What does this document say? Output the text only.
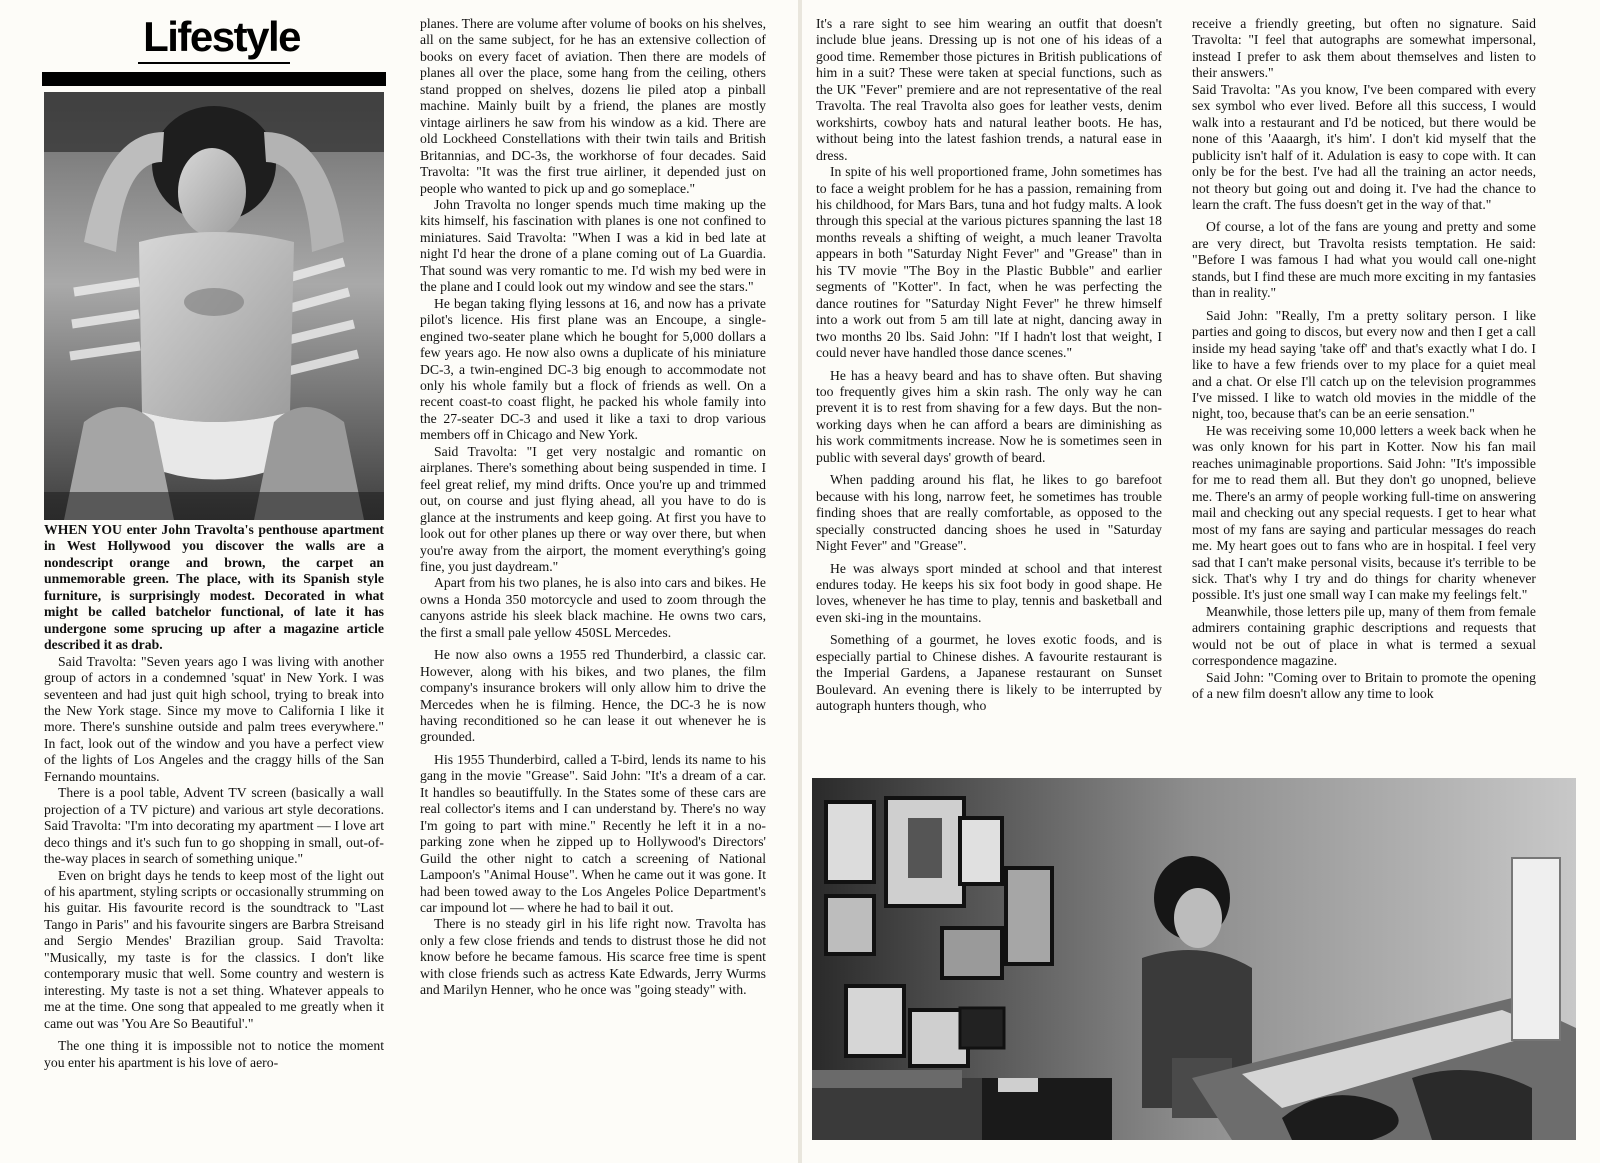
Lifestyle

WHEN YOU enter John Travolta's penthouse apartment in West Hollywood you discover the walls are a nondescript orange and brown, the carpet an unmemorable green. The place, with its Spanish style furniture, is surprisingly modest. Decorated in what might be called batchelor functional, of late it has undergone some sprucing up after a magazine article described it as drab.

Said Travolta: "Seven years ago I was living with another group of actors in a condemned 'squat' in New York. I was seventeen and had just quit high school, trying to break into the New York stage. Since my move to California I like it more. There's sunshine outside and palm trees everywhere." In fact, look out of the window and you have a perfect view of the lights of Los Angeles and the craggy hills of the San Fernando mountains.

There is a pool table, Advent TV screen (basically a wall projection of a TV picture) and various art style decorations. Said Travolta: "I'm into decorating my apartment — I love art deco things and it's such fun to go shopping in small, out-of-the-way places in search of something unique."

Even on bright days he tends to keep most of the light out of his apartment, styling scripts or occasionally strumming on his guitar. His favourite record is the soundtrack to "Last Tango in Paris" and his favourite singers are Barbra Streisand and Sergio Mendes' Brazilian group. Said Travolta: "Musically, my taste is for the classics. I don't like contemporary music that well. Some country and western is interesting. My taste is not a set thing. Whatever appeals to me at the time. One song that appealed to me greatly when it came out was 'You Are So Beautiful'."

The one thing it is impossible not to notice the moment you enter his apartment is his love of aero-

planes. There are volume after volume of books on his shelves, all on the same subject, for he has an extensive collection of books on every facet of aviation. Then there are models of planes all over the place, some hang from the ceiling, others stand propped on shelves, dozens lie piled atop a pinball machine. Mainly built by a friend, the planes are mostly vintage airliners he saw from his window as a kid. There are old Lockheed Constellations with their twin tails and British Britannias, and DC-3s, the workhorse of four decades. Said Travolta: "It was the first true airliner, it depended just on people who wanted to pick up and go someplace."

John Travolta no longer spends much time making up the kits himself, his fascination with planes is one not confined to miniatures. Said Travolta: "When I was a kid in bed late at night I'd hear the drone of a plane coming out of La Guardia. That sound was very romantic to me. I'd wish my bed were in the plane and I could look out my window and see the stars."

He began taking flying lessons at 16, and now has a private pilot's licence. His first plane was an Encoupe, a single-engined two-seater plane which he bought for 5,000 dollars a few years ago. He now also owns a duplicate of his miniature DC-3, a twin-engined DC-3 big enough to accommodate not only his whole family but a flock of friends as well. On a recent coast-to coast flight, he packed his whole family into the 27-seater DC-3 and used it like a taxi to drop various members off in Chicago and New York.

Said Travolta: "I get very nostalgic and romantic on airplanes. There's something about being suspended in time. I feel great relief, my mind drifts. Once you're up and trimmed out, on course and just flying ahead, all you have to do is glance at the instruments and keep going. At first you have to look out for other planes up there or way over there, but when you're away from the airport, the moment everything's going fine, you just daydream."

Apart from his two planes, he is also into cars and bikes. He owns a Honda 350 motorcycle and used to zoom through the canyons astride his sleek black machine. He owns two cars, the first a small pale yellow 450SL Mercedes.

He now also owns a 1955 red Thunderbird, a classic car. However, along with his bikes, and two planes, the film company's insurance brokers will only allow him to drive the Mercedes when he is filming. Hence, the DC-3 he is now having reconditioned so he can lease it out whenever he is grounded.

His 1955 Thunderbird, called a T-bird, lends its name to his gang in the movie "Grease". Said John: "It's a dream of a car. It handles so beautiffully. In the States some of these cars are real collector's items and I can understand by. There's no way I'm going to part with mine." Recently he left it in a no-parking zone when he zipped up to Hollywood's Directors' Guild the other night to catch a screening of National Lampoon's "Animal House". When he came out it was gone. It had been towed away to the Los Angeles Police Department's car impound lot — where he had to bail it out.

There is no steady girl in his life right now. Travolta has only a few close friends and tends to distrust those he did not know before he became famous. His scarce free time is spent with close friends such as actress Kate Edwards, Jerry Wurms and Marilyn Henner, who he once was "going steady" with.

It's a rare sight to see him wearing an outfit that doesn't include blue jeans. Dressing up is not one of his ideas of a good time. Remember those pictures in British publications of him in a suit? These were taken at special functions, such as the UK "Fever" premiere and are not representative of the real Travolta. The real Travolta also goes for leather vests, denim workshirts, cowboy hats and natural leather boots. He has, without being into the latest fashion trends, a natural ease in dress.

In spite of his well proportioned frame, John sometimes has to face a weight problem for he has a passion, remaining from his childhood, for Mars Bars, tuna and hot fudgy malts. A look through this special at the various pictures spanning the last 18 months reveals a shifting of weight, a much leaner Travolta appears in both "Saturday Night Fever" and "Grease" than in his TV movie "The Boy in the Plastic Bubble" and earlier segments of "Kotter". In fact, when he was perfecting the dance routines for "Saturday Night Fever" he threw himself into a work out from 5 am till late at night, dancing away in two months 20 lbs. Said John: "If I hadn't lost that weight, I could never have handled those dance scenes."

He has a heavy beard and has to shave often. But shaving too frequently gives him a skin rash. The only way he can prevent it is to rest from shaving for a few days. But the non-working days when he can afford a bears are diminishing as his work commitments increase. Now he is sometimes seen in public with several days' growth of beard.

When padding around his flat, he likes to go barefoot because with his long, narrow feet, he sometimes has trouble finding shoes that are really comfortable, as opposed to the specially constructed dancing shoes he used in "Saturday Night Fever" and "Grease".

He was always sport minded at school and that interest endures today. He keeps his six foot body in good shape. He loves, whenever he has time to play, tennis and basketball and even ski-ing in the mountains.

Something of a gourmet, he loves exotic foods, and is especially partial to Chinese dishes. A favourite restaurant is the Imperial Gardens, a Japanese restaurant on Sunset Boulevard. An evening there is likely to be interrupted by autograph hunters though, who

receive a friendly greeting, but often no signature. Said Travolta: "I feel that autographs are somewhat impersonal, instead I prefer to ask them about themselves and listen to their answers."

Said Travolta: "As you know, I've been compared with every sex symbol who ever lived. Before all this success, I would walk into a restaurant and I'd be noticed, but there would be none of this 'Aaaargh, it's him'. I don't kid myself that the publicity isn't half of it. Adulation is easy to cope with. It can only be for the best. I've had all the training an actor needs, not theory but going out and doing it. I've had the chance to learn the craft. The fuss doesn't get in the way of that."

Of course, a lot of the fans are young and pretty and some are very direct, but Travolta resists temptation. He said: "Before I was famous I had what you would call one-night stands, but I find these are much more exciting in my fantasies than in reality."

Said John: "Really, I'm a pretty solitary person. I like parties and going to discos, but every now and then I get a call inside my head saying 'take off' and that's exactly what I do. I like to have a few friends over to my place for a quiet meal and a chat. Or else I'll catch up on the television programmes I've missed. I like to watch old movies in the middle of the night, too, because that's can be an eerie sensation."

He was receiving some 10,000 letters a week back when he was only known for his part in Kotter. Now his fan mail reaches unimaginable proportions. Said John: "It's impossible for me to read them all. But they don't go unopned, believe me. There's an army of people working full-time on answering mail and checking out any special requests. I get to hear what most of my fans are saying and particular messages do reach me. My heart goes out to fans who are in hospital. I feel very sad that I can't make personal visits, because it's terrible to be sick. That's why I try and do things for charity whenever possible. It's just one small way I can make my feelings felt."

Meanwhile, those letters pile up, many of them from female admirers containing graphic descriptions and requests that would not be out of place in what is termed a sexual correspondence magazine.

Said John: "Coming over to Britain to promote the opening of a new film doesn't allow any time to look
